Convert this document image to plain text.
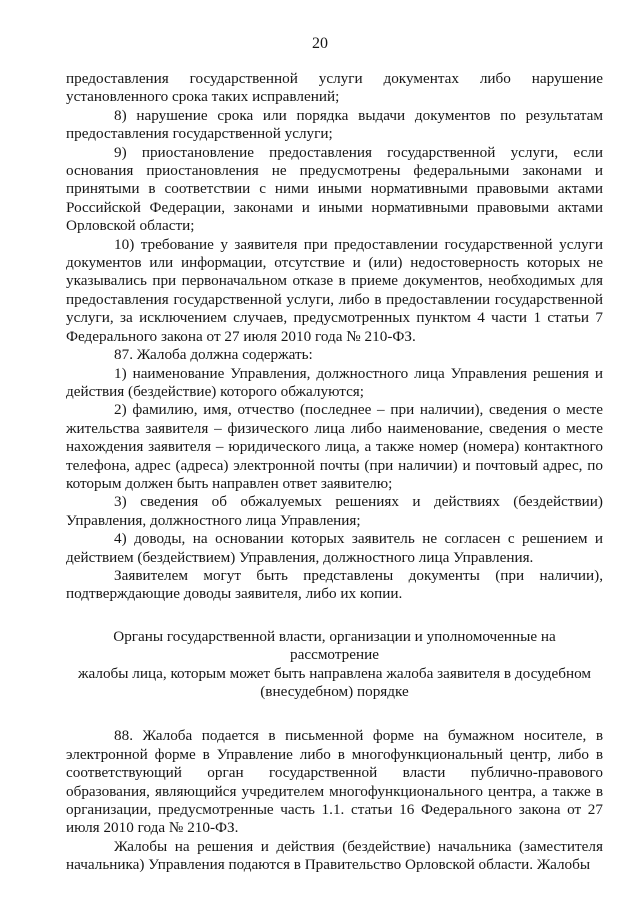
20

предоставления государственной услуги документах либо нарушение установленного срока таких исправлений;

8) нарушение срока или порядка выдачи документов по результатам предоставления государственной услуги;

9) приостановление предоставления государственной услуги, если основания приостановления не предусмотрены федеральными законами и принятыми в соответствии с ними иными нормативными правовыми актами Российской Федерации, законами и иными нормативными правовыми актами Орловской области;

10) требование у заявителя при предоставлении государственной услуги документов или информации, отсутствие и (или) недостоверность которых не указывались при первоначальном отказе в приеме документов, необходимых для предоставления государственной услуги, либо в предоставлении государственной услуги, за исключением случаев, предусмотренных пунктом 4 части 1 статьи 7 Федерального закона от 27 июля 2010 года № 210-ФЗ.

87. Жалоба должна содержать:

1) наименование Управления, должностного лица Управления решения и действия (бездействие) которого обжалуются;

2) фамилию, имя, отчество (последнее – при наличии), сведения о месте жительства заявителя – физического лица либо наименование, сведения о месте нахождения заявителя – юридического лица, а также номер (номера) контактного телефона, адрес (адреса) электронной почты (при наличии) и почтовый адрес, по которым должен быть направлен ответ заявителю;

3) сведения об обжалуемых решениях и действиях (бездействии) Управления, должностного лица Управления;

4) доводы, на основании которых заявитель не согласен с решением и действием (бездействием) Управления, должностного лица Управления.

Заявителем могут быть представлены документы (при наличии), подтверждающие доводы заявителя, либо их копии.

Органы государственной власти, организации и уполномоченные на рассмотрение
жалобы лица, которым может быть направлена жалоба заявителя в досудебном
(внесудебном) порядке

88. Жалоба подается в письменной форме на бумажном носителе, в электронной форме в Управление либо в многофункциональный центр, либо в соответствующий орган государственной власти публично-правового образования, являющийся учредителем многофункционального центра, а также в организации, предусмотренные часть 1.1. статьи 16 Федерального закона от 27 июля 2010 года № 210-ФЗ.

Жалобы на решения и действия (бездействие) начальника (заместителя начальника) Управления подаются в Правительство Орловской области. Жалобы
